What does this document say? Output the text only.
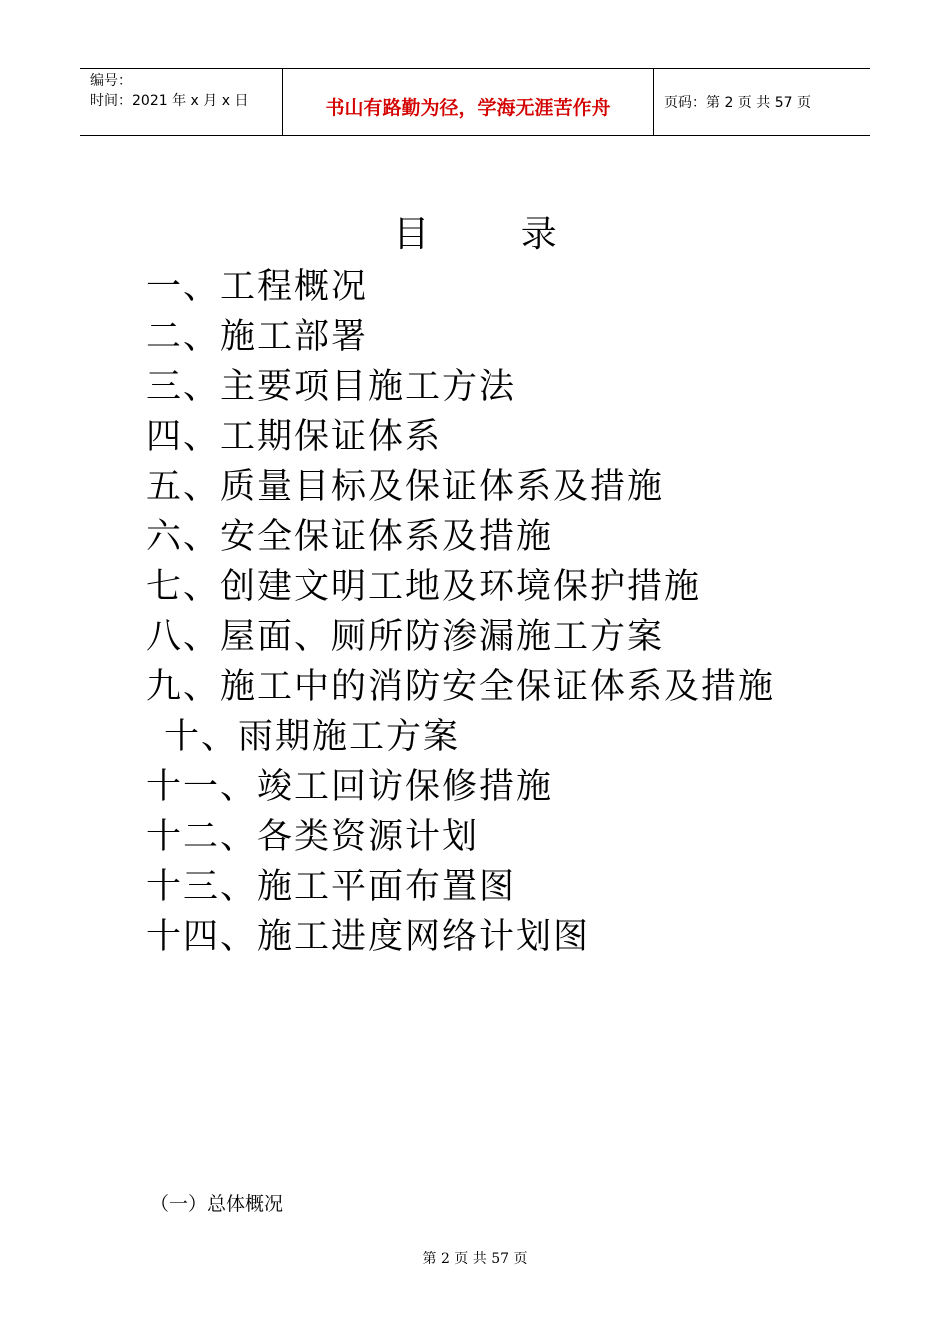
编号：
时间：2021 年 x 月 x 日	书山有路勤为径，学海无涯苦作舟	页码：第 2 页 共 57 页
目        录
一、工程概况
二、施工部署
三、主要项目施工方法
四、工期保证体系
五、质量目标及保证体系及措施
六、安全保证体系及措施
七、创建文明工地及环境保护措施
八、屋面、厕所防渗漏施工方案
九、施工中的消防安全保证体系及措施
十、雨期施工方案
十一、竣工回访保修措施
十二、各类资源计划
十三、施工平面布置图
十四、施工进度网络计划图
（一）总体概况
第 2 页 共 57 页
